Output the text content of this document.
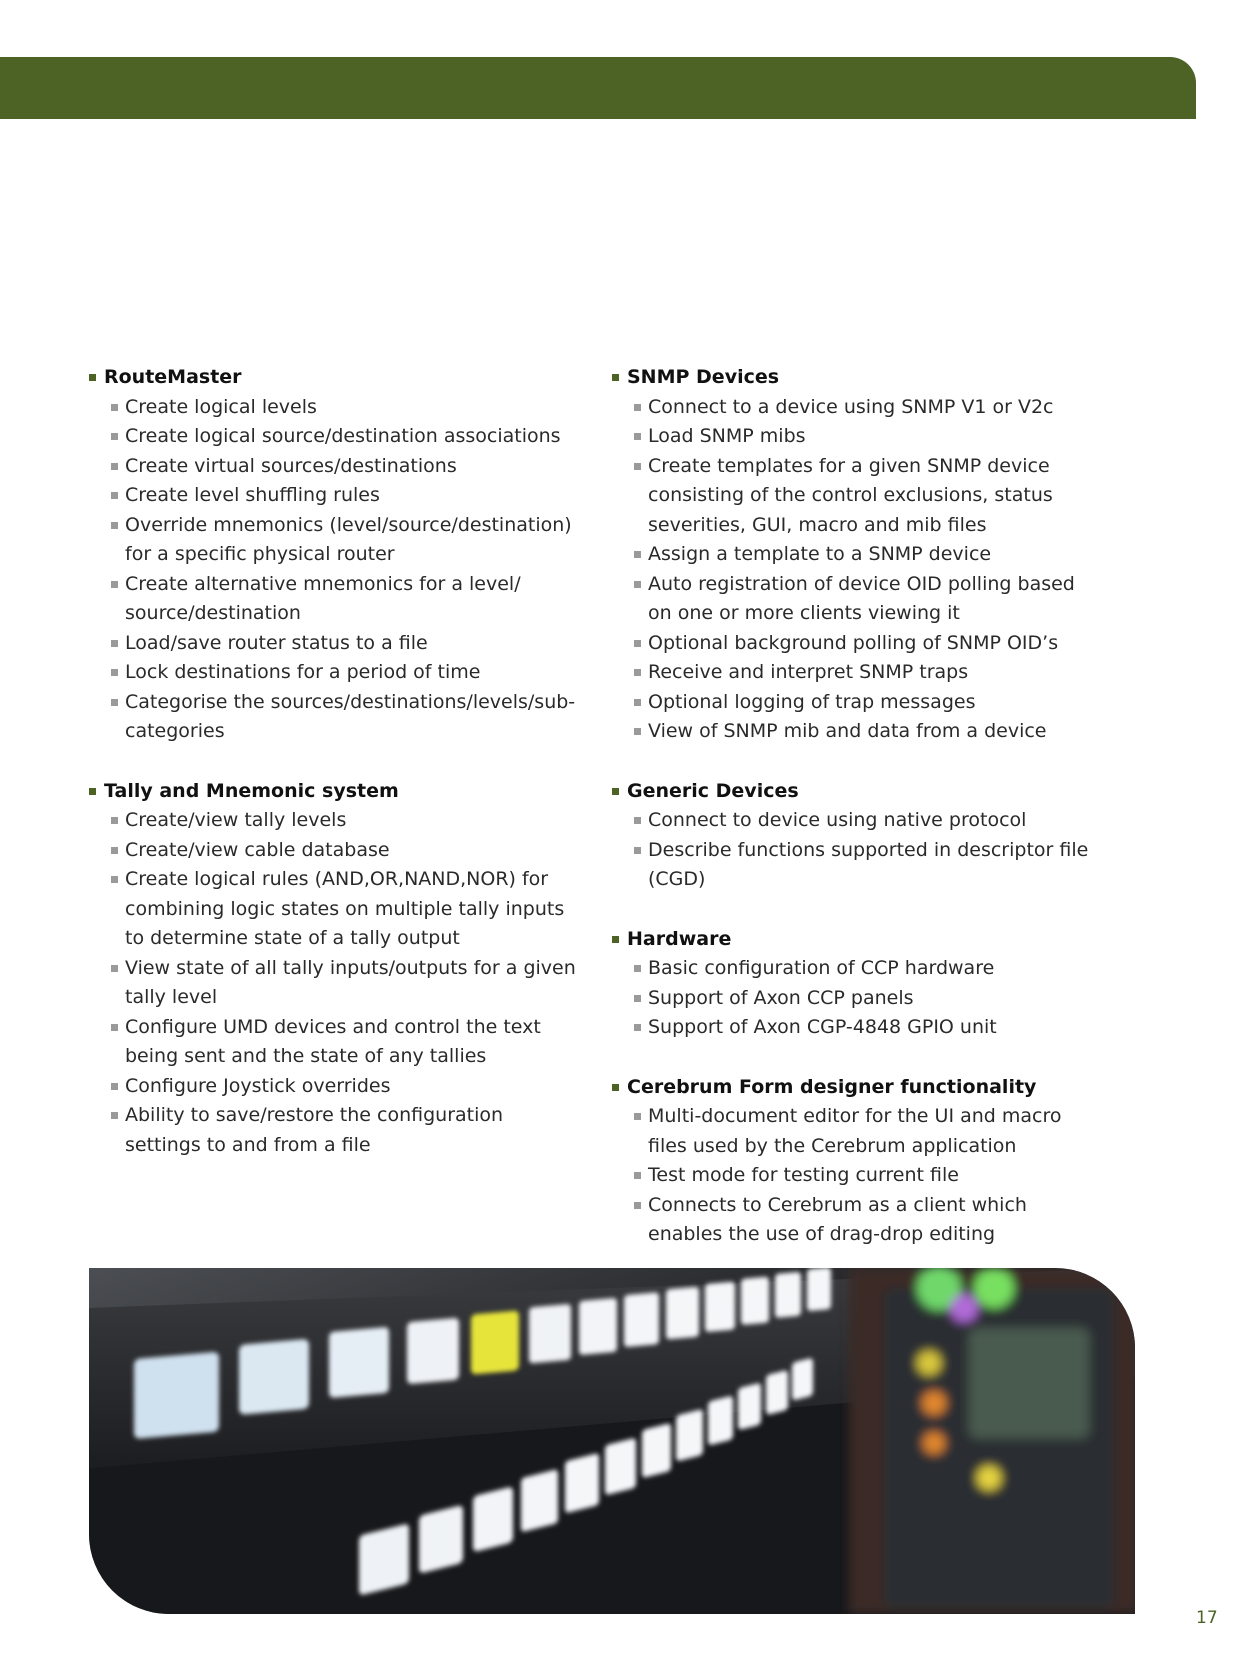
RouteMaster
Create logical levels
Create logical source/destination associations
Create virtual sources/destinations
Create level shuffling rules
Override mnemonics (level/source/destination)
for a specific physical router
Create alternative mnemonics for a level/
source/destination
Load/save router status to a file
Lock destinations for a period of time
Categorise the sources/destinations/levels/sub-
categories
Tally and Mnemonic system
Create/view tally levels
Create/view cable database
Create logical rules (AND,OR,NAND,NOR) for
combining logic states on multiple tally inputs
to determine state of a tally output
View state of all tally inputs/outputs for a given
tally level
Configure UMD devices and control the text
being sent and the state of any tallies
Configure Joystick overrides
Ability to save/restore the configuration
settings to and from a file
SNMP Devices
Connect to a device using SNMP V1 or V2c
Load SNMP mibs
Create templates for a given SNMP device
consisting of the control exclusions, status
severities, GUI, macro and mib files
Assign a template to a SNMP device
Auto registration of device OID polling based
on one or more clients viewing it
Optional background polling of SNMP OID’s
Receive and interpret SNMP traps
Optional logging of trap messages
View of SNMP mib and data from a device
Generic Devices
Connect to device using native protocol
Describe functions supported in descriptor file
(CGD)
Hardware
Basic configuration of CCP hardware
Support of Axon CCP panels
Support of Axon CGP-4848 GPIO unit
Cerebrum Form designer functionality
Multi-document editor for the UI and macro
files used by the Cerebrum application
Test mode for testing current file
Connects to Cerebrum as a client which
enables the use of drag-drop editing
17
